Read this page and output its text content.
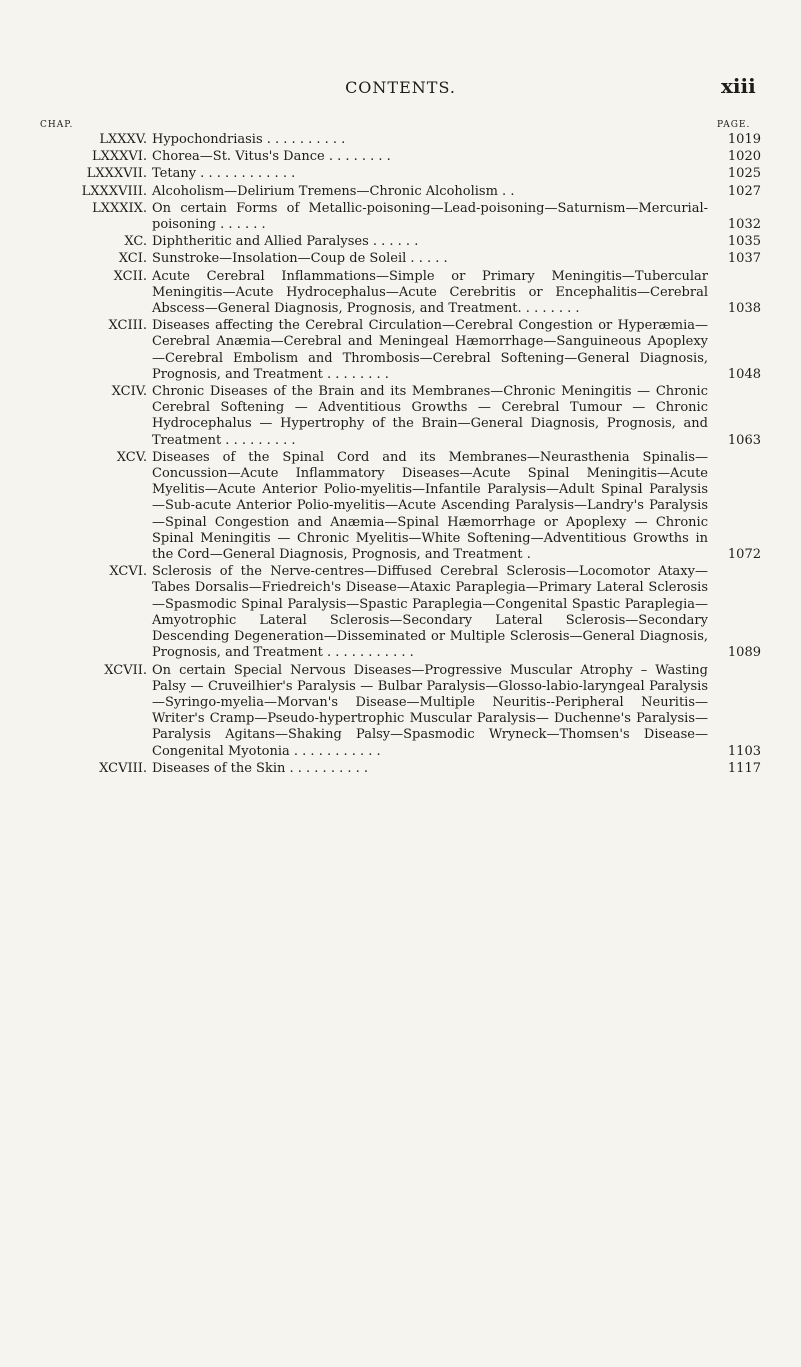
CONTENTS.	xiii
CHAP.	PAGE.
LXXXV. Hypochondriasis . . . . . . . . . .	1019
LXXXVI. Chorea—St. Vitus's Dance . . . . . . . .	1020
LXXXVII. Tetany . . . . . . . . . . . .	1025
LXXXVIII. Alcoholism—Delirium Tremens—Chronic Alcoholism . .	1027
LXXXIX. On certain Forms of Metallic-poisoning—Lead-poisoning—Saturnism—Mercurial-poisoning . . . . . .	1032
XC. Diphtheritic and Allied Paralyses . . . . . .	1035
XCI. Sunstroke—Insolation—Coup de Soleil . . . . .	1037
XCII. Acute Cerebral Inflammations—Simple or Primary Meningitis—Tubercular Meningitis—Acute Hydrocephalus—Acute Cerebritis or Encephalitis—Cerebral Abscess—General Diagnosis, Prognosis, and Treatment. . . . . . . .	1038
XCIII. Diseases affecting the Cerebral Circulation—Cerebral Congestion or Hyperæmia—Cerebral Anæmia—Cerebral and Meningeal Hæmorrhage—Sanguineous Apoplexy—Cerebral Embolism and Thrombosis—Cerebral Softening—General Diagnosis, Prognosis, and Treatment . . . . . . . .	1048
XCIV. Chronic Diseases of the Brain and its Membranes—Chronic Meningitis — Chronic Cerebral Softening — Adventitious Growths — Cerebral Tumour — Chronic Hydrocephalus — Hypertrophy of the Brain—General Diagnosis, Prognosis, and Treatment . . . . . . . . .	1063
XCV. Diseases of the Spinal Cord and its Membranes—Neurasthenia Spinalis—Concussion—Acute Inflammatory Diseases—Acute Spinal Meningitis—Acute Myelitis—Acute Anterior Polio-myelitis—Infantile Paralysis—Adult Spinal Paralysis—Sub-acute Anterior Polio-myelitis—Acute Ascending Paralysis—Landry's Paralysis—Spinal Congestion and Anæmia—Spinal Hæmorrhage or Apoplexy — Chronic Spinal Meningitis — Chronic Myelitis—White Softening—Adventitious Growths in the Cord—General Diagnosis, Prognosis, and Treatment .	1072
XCVI. Sclerosis of the Nerve-centres—Diffused Cerebral Sclerosis—Locomotor Ataxy—Tabes Dorsalis—Friedreich's Disease—Ataxic Paraplegia—Primary Lateral Sclerosis—Spasmodic Spinal Paralysis—Spastic Paraplegia—Congenital Spastic Paraplegia—Amyotrophic Lateral Sclerosis—Secondary Lateral Sclerosis—Secondary Descending Degeneration—Disseminated or Multiple Sclerosis—General Diagnosis, Prognosis, and Treatment . . . . . . . . . . .	1089
XCVII. On certain Special Nervous Diseases—Progressive Muscular Atrophy – Wasting Palsy — Cruveilhier's Paralysis — Bulbar Paralysis—Glosso-labio-laryngeal Paralysis—Syringo-myelia—Morvan's Disease—Multiple Neuritis--Peripheral Neuritis—Writer's Cramp—Pseudo-hypertrophic Muscular Paralysis— Duchenne's Paralysis—Paralysis Agitans—Shaking Palsy—Spasmodic Wryneck—Thomsen's Disease—Congenital Myotonia . . . . . . . . . . .	1103
XCVIII. Diseases of the Skin . . . . . . . . . .	1117
